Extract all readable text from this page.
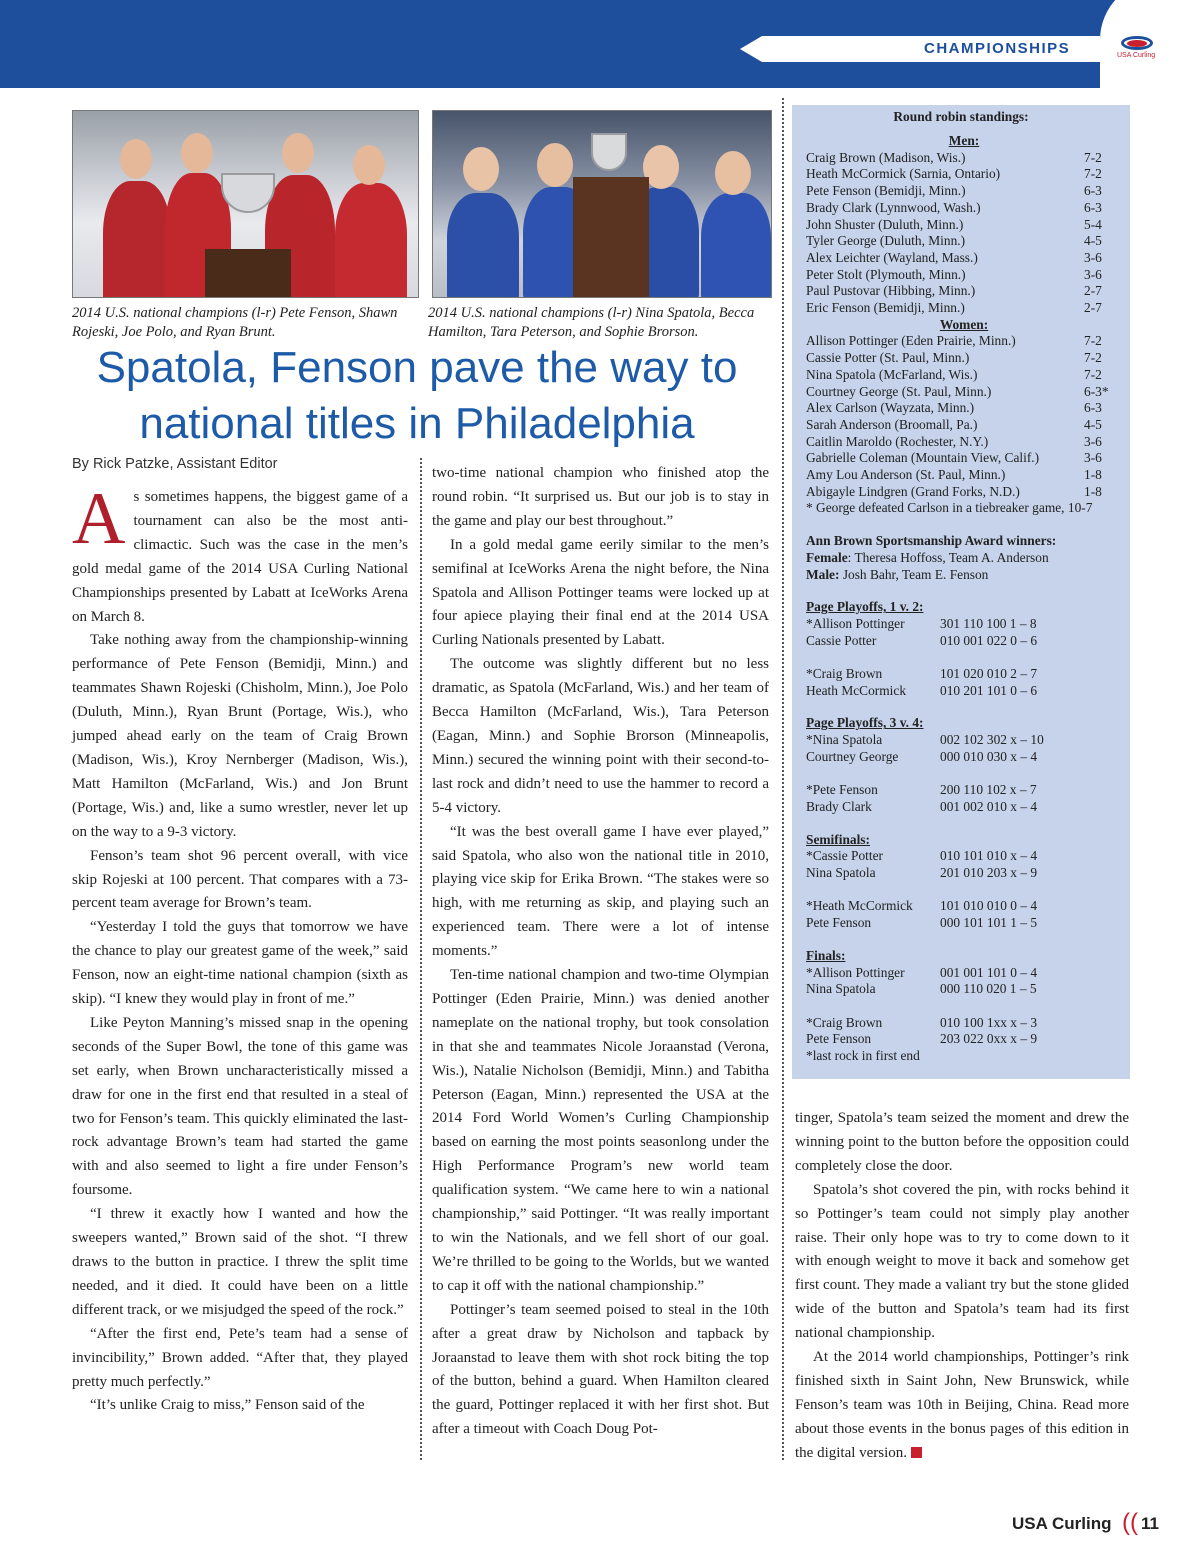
CHAMPIONSHIPS	USA Curling
2014 U.S. national champions (l-r) Pete Fenson, Shawn Rojeski, Joe Polo, and Ryan Brunt.
2014 U.S. national champions (l-r) Nina Spatola, Becca Hamilton, Tara Peterson, and Sophie Brorson.
Spatola, Fenson pave the way to national titles in Philadelphia
By Rick Patzke, Assistant Editor

As sometimes happens, the biggest game of a tournament can also be the most anti-climactic. Such was the case in the men’s gold medal game of the 2014 USA Curling National Championships presented by Labatt at IceWorks Arena on March 8.

Take nothing away from the championship-winning performance of Pete Fenson (Bemidji, Minn.) and teammates Shawn Rojeski (Chisholm, Minn.), Joe Polo (Duluth, Minn.), Ryan Brunt (Portage, Wis.), who jumped ahead early on the team of Craig Brown (Madison, Wis.), Kroy Nernberger (Madison, Wis.), Matt Hamilton (McFarland, Wis.) and Jon Brunt (Portage, Wis.) and, like a sumo wrestler, never let up on the way to a 9-3 victory.

Fenson’s team shot 96 percent overall, with vice skip Rojeski at 100 percent. That compares with a 73-percent team average for Brown’s team.

“Yesterday I told the guys that tomorrow we have the chance to play our greatest game of the week,” said Fenson, now an eight-time national champion (sixth as skip). “I knew they would play in front of me.”

Like Peyton Manning’s missed snap in the opening seconds of the Super Bowl, the tone of this game was set early, when Brown uncharacteristically missed a draw for one in the first end that resulted in a steal of two for Fenson’s team. This quickly eliminated the last-rock advantage Brown’s team had started the game with and also seemed to light a fire under Fenson’s foursome.

“I threw it exactly how I wanted and how the sweepers wanted,” Brown said of the shot. “I threw draws to the button in practice. I threw the split time needed, and it died. It could have been on a little different track, or we misjudged the speed of the rock.”

“After the first end, Pete’s team had a sense of invincibility,” Brown added. “After that, they played pretty much perfectly.”

“It’s unlike Craig to miss,” Fenson said of the

two-time national champion who finished atop the round robin. “It surprised us. But our job is to stay in the game and play our best throughout.”

In a gold medal game eerily similar to the men’s semifinal at IceWorks Arena the night before, the Nina Spatola and Allison Pottinger teams were locked up at four apiece playing their final end at the 2014 USA Curling Nationals presented by Labatt.

The outcome was slightly different but no less dramatic, as Spatola (McFarland, Wis.) and her team of Becca Hamilton (McFarland, Wis.), Tara Peterson (Eagan, Minn.) and Sophie Brorson (Minneapolis, Minn.) secured the winning point with their second-to-last rock and didn’t need to use the hammer to record a 5-4 victory.

“It was the best overall game I have ever played,” said Spatola, who also won the national title in 2010, playing vice skip for Erika Brown. “The stakes were so high, with me returning as skip, and playing such an experienced team. There were a lot of intense moments.”

Ten-time national champion and two-time Olympian Pottinger (Eden Prairie, Minn.) was denied another nameplate on the national trophy, but took consolation in that she and teammates Nicole Joraanstad (Verona, Wis.), Natalie Nicholson (Bemidji, Minn.) and Tabitha Peterson (Eagan, Minn.) represented the USA at the 2014 Ford World Women’s Curling Championship based on earning the most points seasonlong under the High Performance Program’s new world team qualification system. “We came here to win a national championship,” said Pottinger. “It was really important to win the Nationals, and we fell short of our goal. We’re thrilled to be going to the Worlds, but we wanted to cap it off with the national championship.”

Pottinger’s team seemed poised to steal in the 10th after a great draw by Nicholson and tapback by Joraanstad to leave them with shot rock biting the top of the button, behind a guard. When Hamilton cleared the guard, Pottinger replaced it with her first shot. But after a timeout with Coach Doug Pot-

tinger, Spatola’s team seized the moment and drew the winning point to the button before the opposition could completely close the door.

Spatola’s shot covered the pin, with rocks behind it so Pottinger’s team could not simply play another raise. Their only hope was to try to come down to it with enough weight to move it back and somehow get first count. They made a valiant try but the stone glided wide of the button and Spatola’s team had its first national championship.

At the 2014 world championships, Pottinger’s rink finished sixth in Saint John, New Brunswick, while Fenson’s team was 10th in Beijing, China. Read more about those events in the bonus pages of this edition in the digital version.

Round robin standings:
Men:
Craig Brown (Madison, Wis.)	7-2
Heath McCormick (Sarnia, Ontario)	7-2
Pete Fenson (Bemidji, Minn.)	6-3
Brady Clark (Lynnwood, Wash.)	6-3
John Shuster (Duluth, Minn.)	5-4
Tyler George (Duluth, Minn.)	4-5
Alex Leichter (Wayland, Mass.)	3-6
Peter Stolt (Plymouth, Minn.)	3-6
Paul Pustovar (Hibbing, Minn.)	2-7
Eric Fenson (Bemidji, Minn.)	2-7
Women:
Allison Pottinger (Eden Prairie, Minn.)	7-2
Cassie Potter (St. Paul, Minn.)	7-2
Nina Spatola (McFarland, Wis.)	7-2
Courtney George (St. Paul, Minn.)	6-3*
Alex Carlson (Wayzata, Minn.)	6-3
Sarah Anderson (Broomall, Pa.)	4-5
Caitlin Maroldo (Rochester, N.Y.)	3-6
Gabrielle Coleman (Mountain View, Calif.)	3-6
Amy Lou Anderson (St. Paul, Minn.)	1-8
Abigayle Lindgren (Grand Forks, N.D.)	1-8
* George defeated Carlson in a tiebreaker game, 10-7
Ann Brown Sportsmanship Award winners:
Female: Theresa Hoffoss, Team A. Anderson
Male: Josh Bahr, Team E. Fenson
Page Playoffs, 1 v. 2:
*Allison Pottinger	301 110 100 1 – 8
Cassie Potter	010 001 022 0 – 6
*Craig Brown	101 020 010 2 – 7
Heath McCormick	010 201 101 0 – 6
Page Playoffs, 3 v. 4:
*Nina Spatola	002 102 302 x – 10
Courtney George	000 010 030 x – 4
*Pete Fenson	200 110 102 x – 7
Brady Clark	001 002 010 x – 4
Semifinals:
*Cassie Potter	010 101 010 x – 4
Nina Spatola	201 010 203 x – 9
*Heath McCormick	101 010 010 0 – 4
Pete Fenson	000 101 101 1 – 5
Finals:
*Allison Pottinger	001 001 101 0 – 4
Nina Spatola	000 110 020 1 – 5
*Craig Brown	010 100 1xx x – 3
Pete Fenson	203 022 0xx x – 9
*last rock in first end
USA Curling (( 11
